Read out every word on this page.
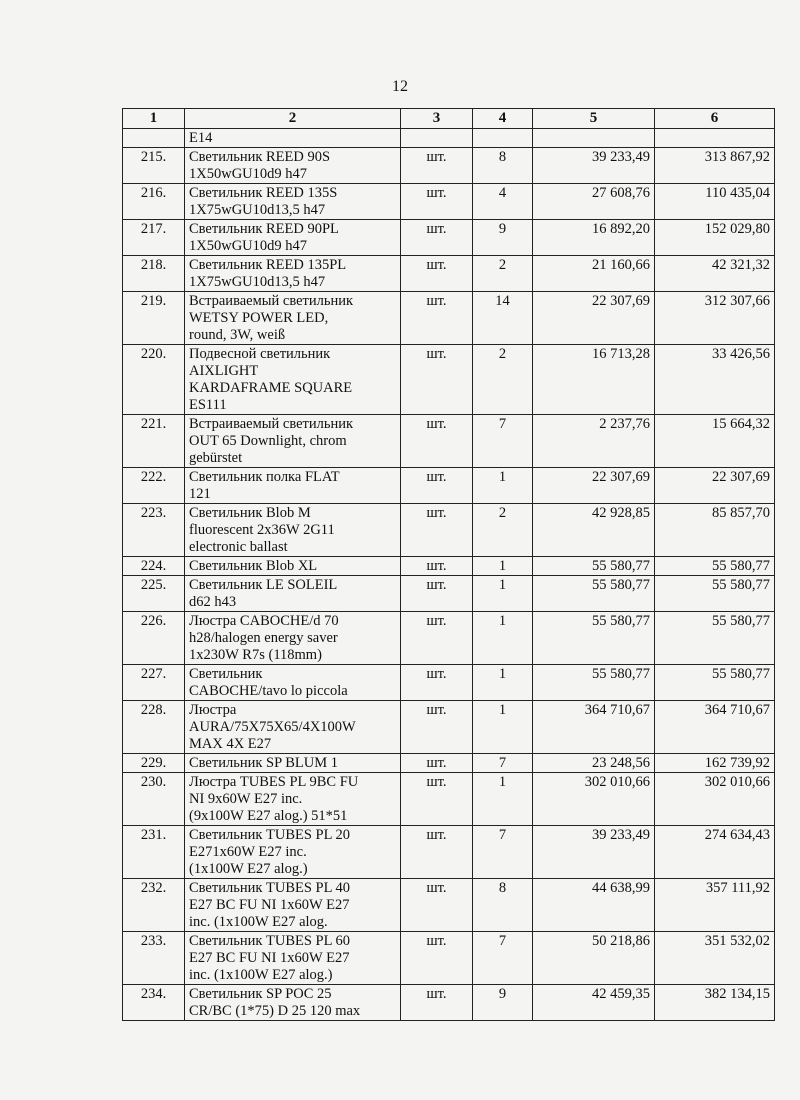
12
1	2	3	4	5	6
	E14				
215.	Светильник REED 90S
1X50wGU10d9 h47	шт.	8	39 233,49	313 867,92
216.	Светильник REED 135S
1X75wGU10d13,5 h47	шт.	4	27 608,76	110 435,04
217.	Светильник REED 90PL
1X50wGU10d9 h47	шт.	9	16 892,20	152 029,80
218.	Светильник REED 135PL
1X75wGU10d13,5 h47	шт.	2	21 160,66	42 321,32
219.	Встраиваемый светильник
WETSY POWER LED,
round, 3W, weiß	шт.	14	22 307,69	312 307,66
220.	Подвесной светильник
AIXLIGHT
KARDAFRAME SQUARE
ES111	шт.	2	16 713,28	33 426,56
221.	Встраиваемый светильник
OUT 65 Downlight, chrom
gebürstet	шт.	7	2 237,76	15 664,32
222.	Светильник полка FLAT
121	шт.	1	22 307,69	22 307,69
223.	Светильник Blob M
fluorescent 2x36W 2G11
electronic ballast	шт.	2	42 928,85	85 857,70
224.	Светильник Blob XL	шт.	1	55 580,77	55 580,77
225.	Светильник LE SOLEIL
d62 h43	шт.	1	55 580,77	55 580,77
226.	Люстра CABOCHE/d 70
h28/halogen energy saver
1x230W R7s (118mm)	шт.	1	55 580,77	55 580,77
227.	Светильник
CABOCHE/tavo lo piccola	шт.	1	55 580,77	55 580,77
228.	Люстра
AURA/75X75X65/4X100W
MAX 4X E27	шт.	1	364 710,67	364 710,67
229.	Светильник SP BLUM 1	шт.	7	23 248,56	162 739,92
230.	Люстра TUBES PL 9BC FU
NI 9x60W E27 inc.
(9x100W E27 alog.) 51*51	шт.	1	302 010,66	302 010,66
231.	Светильник TUBES PL 20
E271x60W E27 inc.
(1x100W E27 alog.)	шт.	7	39 233,49	274 634,43
232.	Светильник TUBES PL 40
E27 BC FU NI 1x60W E27
inc. (1x100W E27 alog.	шт.	8	44 638,99	357 111,92
233.	Светильник TUBES PL 60
E27 BC FU NI 1x60W E27
inc. (1x100W E27 alog.)	шт.	7	50 218,86	351 532,02
234.	Светильник SP POC 25
CR/BC (1*75) D 25 120 max	шт.	9	42 459,35	382 134,15
